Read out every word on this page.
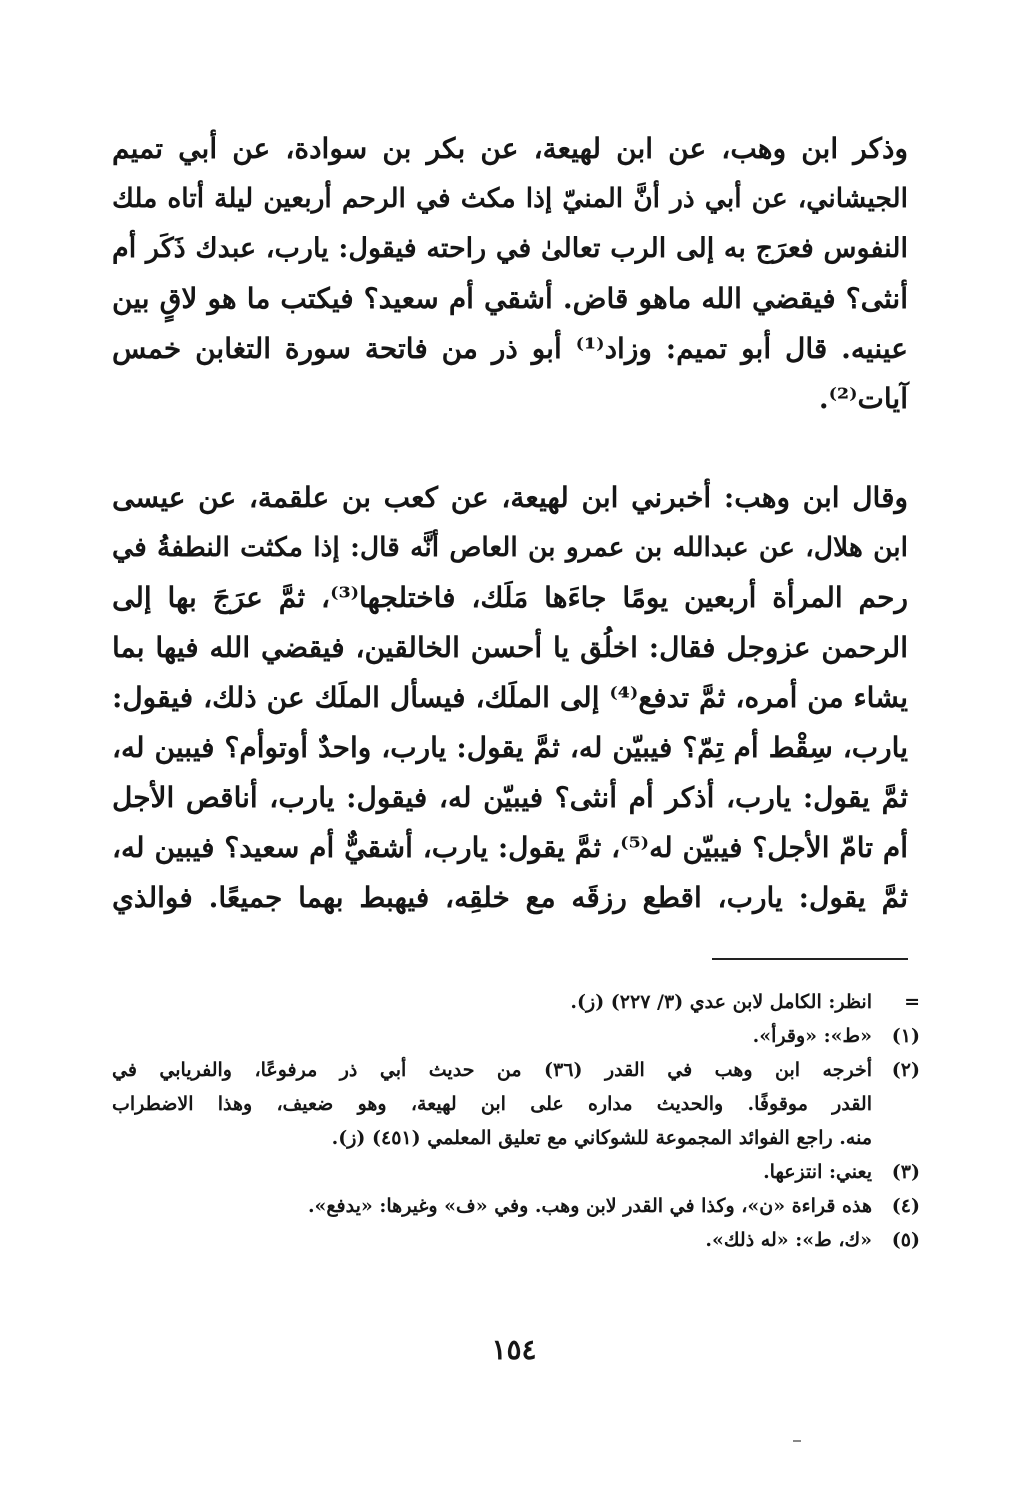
وذكر ابن وهب، عن ابن لهيعة، عن بكر بن سوادة، عن أبي تميم
الجيشاني، عن أبي ذر أنَّ المنيّ إذا مكث في الرحم أربعين ليلة أتاه ملك
النفوس فعرَج به إلى الرب تعالىٰ في راحته فيقول: يارب، عبدك ذَكَر أم
أنثى؟ فيقضي الله ماهو قاض. أشقي أم سعيد؟ فيكتب ما هو لاقٍ بين
عينيه. قال أبو تميم: وزاد⁽¹⁾ أبو ذر من فاتحة سورة التغابن خمس
آيات⁽²⁾.
وقال ابن وهب: أخبرني ابن لهيعة، عن كعب بن علقمة، عن عيسى
ابن هلال، عن عبدالله بن عمرو بن العاص أنَّه قال: إذا مكثت النطفةُ في
رحم المرأة أربعين يومًا جاءَها مَلَك، فاختلجها⁽³⁾، ثمَّ عرَجَ بها إلى
الرحمن عزوجل فقال: اخلُق يا أحسن الخالقين، فيقضي الله فيها بما
يشاء من أمره، ثمَّ تدفع⁽⁴⁾ إلى الملَك، فيسأل الملَك عن ذلك، فيقول:
يارب، سِقْط أم تِمّ؟ فيبيّن له، ثمَّ يقول: يارب، واحدٌ أوتوأم؟ فيبين له،
ثمَّ يقول: يارب، أذكر أم أنثى؟ فيبيّن له، فيقول: يارب، أناقص الأجل
أم تامّ الأجل؟ فيبيّن له⁽⁵⁾، ثمَّ يقول: يارب، أشقيٌّ أم سعيد؟ فيبين له،
ثمَّ يقول: يارب، اقطع رزقَه مع خلقِه، فيهبط بهما جميعًا. فوالذي
=
انظر: الكامل لابن عدي (٣/ ٢٢٧) (ز).
(١)
«ط»: «وقرأ».
(٢)
أخرجه ابن وهب في القدر (٣٦) من حديث أبي ذر مرفوعًا، والفريابي في
القدر موقوفًا. والحديث مداره على ابن لهيعة، وهو ضعيف، وهذا الاضطراب
منه. راجع الفوائد المجموعة للشوكاني مع تعليق المعلمي (٤٥١) (ز).
(٣)
يعني: انتزعها.
(٤)
هذه قراءة «ن»، وكذا في القدر لابن وهب. وفي «ف» وغيرها: «يدفع».
(٥)
«ك، ط»: «له ذلك».
١٥٤
